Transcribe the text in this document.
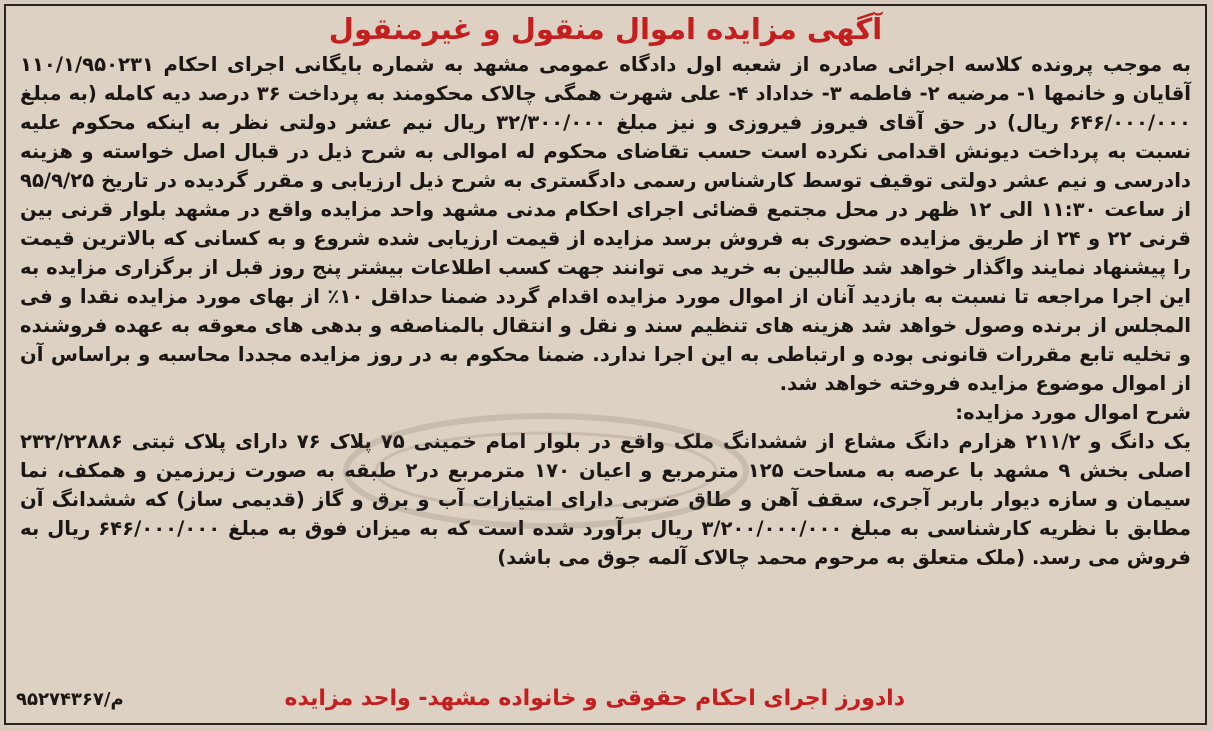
آگهی مزایده اموال منقول و غیرمنقول

به موجب پرونده کلاسه اجرائی صادره از شعبه اول دادگاه عمومی مشهد به شماره بایگانی اجرای احکام ۱۱۰/۱/۹۵۰۲۳۱ آقایان و خانمها ۱- مرضیه ۲- فاطمه ۳- خداداد ۴- علی شهرت همگی چالاک محکومند به پرداخت ۳۶ درصد دیه کامله (به مبلغ ۶۴۶/۰۰۰/۰۰۰ ریال) در حق آقای فیروز فیروزی و نیز مبلغ ۳۲/۳۰۰/۰۰۰ ریال نیم عشر دولتی نظر به اینکه محکوم علیه نسبت به پرداخت دیونش اقدامی نکرده است حسب تقاضای محکوم له اموالی به شرح ذیل در قبال اصل خواسته و هزینه دادرسی و نیم عشر دولتی توقیف توسط کارشناس رسمی دادگستری به شرح ذیل ارزیابی و مقرر گردیده در تاریخ ۹۵/۹/۲۵ از ساعت ۱۱:۳۰ الی ۱۲ ظهر در محل مجتمع قضائی اجرای احکام مدنی مشهد واحد مزایده واقع در مشهد بلوار قرنی بین قرنی ۲۲ و ۲۴ از طریق مزایده حضوری به فروش برسد مزایده از قیمت ارزیابی شده شروع و به کسانی که بالاترین قیمت را پیشنهاد نمایند واگذار خواهد شد طالبین به خرید می توانند جهت کسب اطلاعات بیشتر پنج روز قبل از برگزاری مزایده به این اجرا مراجعه تا نسبت به بازدید آنان از اموال مورد مزایده اقدام گردد ضمنا حداقل ۱۰٪ از بهای مورد مزایده نقدا و فی المجلس از برنده وصول خواهد شد هزینه های تنظیم سند و نقل و انتقال بالمناصفه و بدهی های معوقه به عهده فروشنده و تخلیه تابع مقررات قانونی بوده و ارتباطی به این اجرا ندارد. ضمنا محکوم به در روز مزایده مجددا محاسبه و براساس آن از اموال موضوع مزایده فروخته خواهد شد.

شرح اموال مورد مزایده:

یک دانگ و ۲۱۱/۲ هزارم دانگ مشاع از ششدانگ ملک واقع در بلوار امام خمینی ۷۵ پلاک ۷۶ دارای پلاک ثبتی ۲۳۲/۲۲۸۸۶ اصلی بخش ۹ مشهد با عرصه به مساحت ۱۲۵ مترمربع و اعیان ۱۷۰ مترمربع در۲ طبقه به صورت زیرزمین و همکف، نما سیمان و سازه دیوار باربر آجری، سقف آهن و طاق ضربی دارای امتیازات آب و برق و گاز (قدیمی ساز) که ششدانگ آن مطابق با نظریه کارشناسی به مبلغ ۳/۲۰۰/۰۰۰/۰۰۰ ریال برآورد شده است که به میزان فوق به مبلغ ۶۴۶/۰۰۰/۰۰۰ ریال به فروش می رسد. (ملک متعلق به مرحوم محمد چالاک آلمه جوق می باشد)

دادورز اجرای احکام حقوقی و خانواده مشهد- واحد مزایده
م/۹۵۲۷۴۳۶۷
